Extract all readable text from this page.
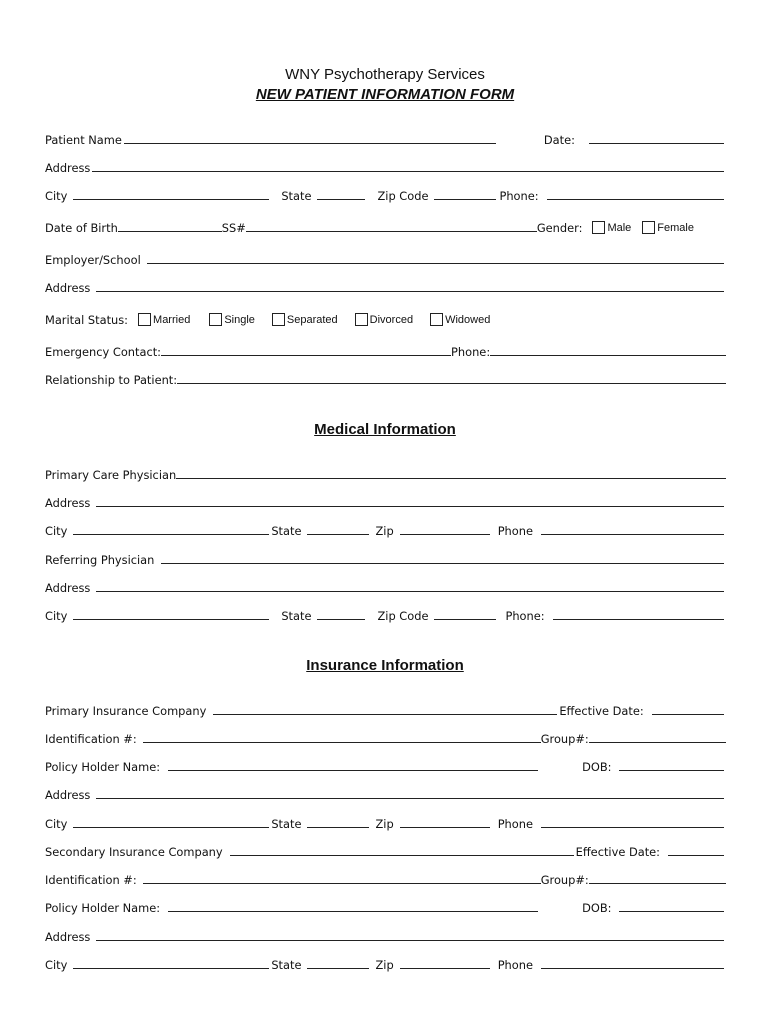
WNY Psychotherapy Services
NEW PATIENT INFORMATION FORM
Patient Name	Date:
Address
City	State	Zip Code	Phone:
Date of Birth	SS#	Gender: Male Female
Employer/School
Address
Marital Status: Married	Single	Separated	Divorced	Widowed
Emergency Contact:	Phone:
Relationship to Patient:
Medical Information
Primary Care Physician
Address
City	State	Zip	Phone
Referring Physician
Address
City	State	Zip Code	Phone:
Insurance Information
Primary Insurance Company	Effective Date:
Identification #:	Group#:
Policy Holder Name:	DOB:
Address
City	State	Zip	Phone
Secondary Insurance Company	Effective Date:
Identification #:	Group#:
Policy Holder Name:	DOB:
Address
City	State	Zip	Phone
